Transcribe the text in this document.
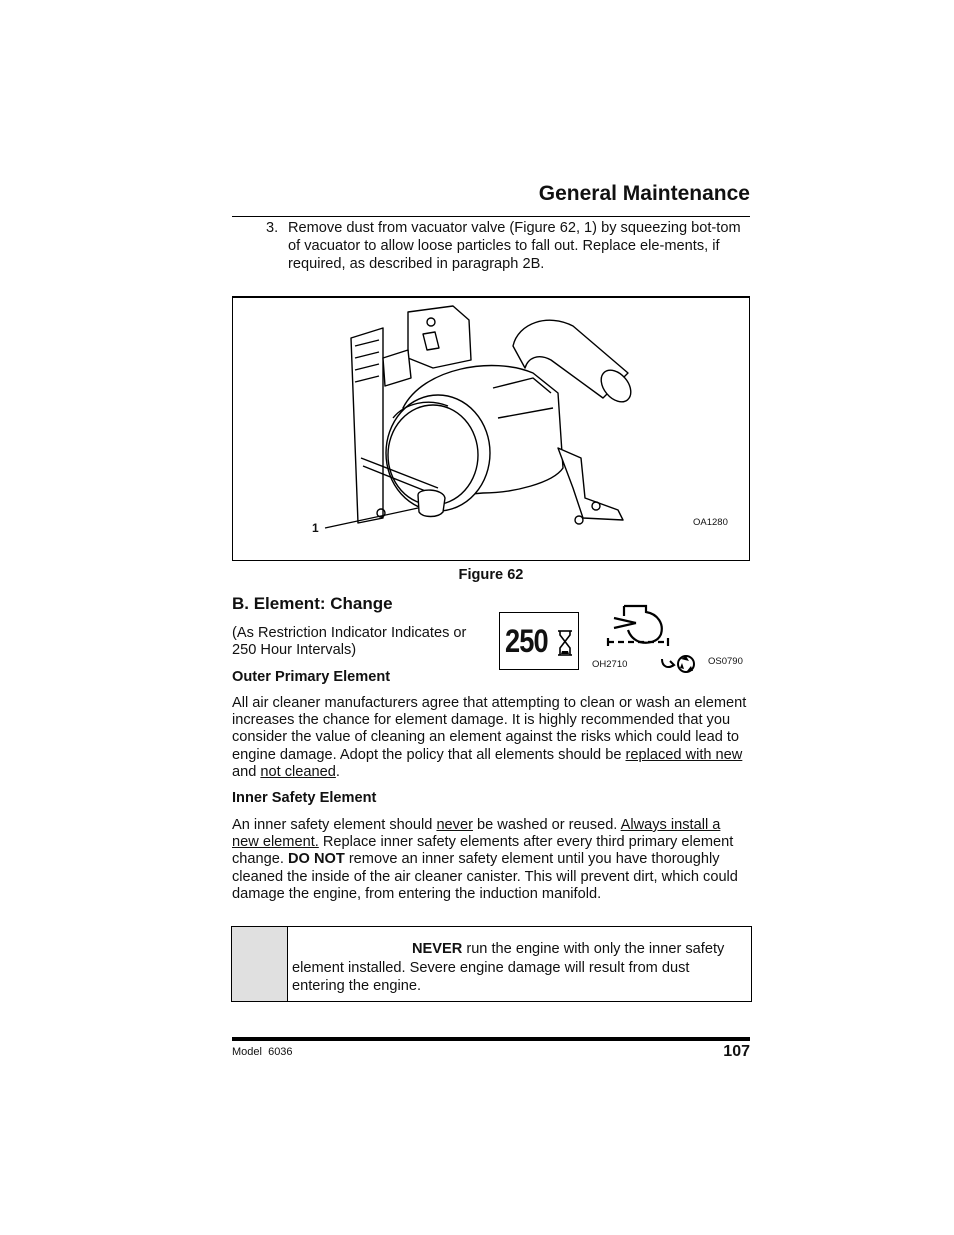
General Maintenance
3. Remove dust from vacuator valve (Figure 62, 1) by squeezing bot-tom of vacuator to allow loose particles to fall out. Replace ele-ments, if required, as described in paragraph 2B.
1	OA1280
Figure 62
B. Element: Change
(As Restriction Indicator Indicates or 250 Hour Intervals)	250
OH2710	OS0790
Outer Primary Element

All air cleaner manufacturers agree that attempting to clean or wash an element increases the chance for element damage. It is highly recommended that you consider the value of cleaning an element against the risks which could lead to engine damage. Adopt the policy that all elements should be replaced with new and not cleaned.

Inner Safety Element

An inner safety element should never be washed or reused. Always install a new element. Replace inner safety elements after every third primary element change. DO NOT remove an inner safety element until you have thoroughly cleaned the inside of the air cleaner canister. This will prevent dirt, which could damage the engine, from entering the induction manifold.

NEVER run the engine with only the inner safety element installed. Severe engine damage will result from dust entering the engine.
Model  6036	107
